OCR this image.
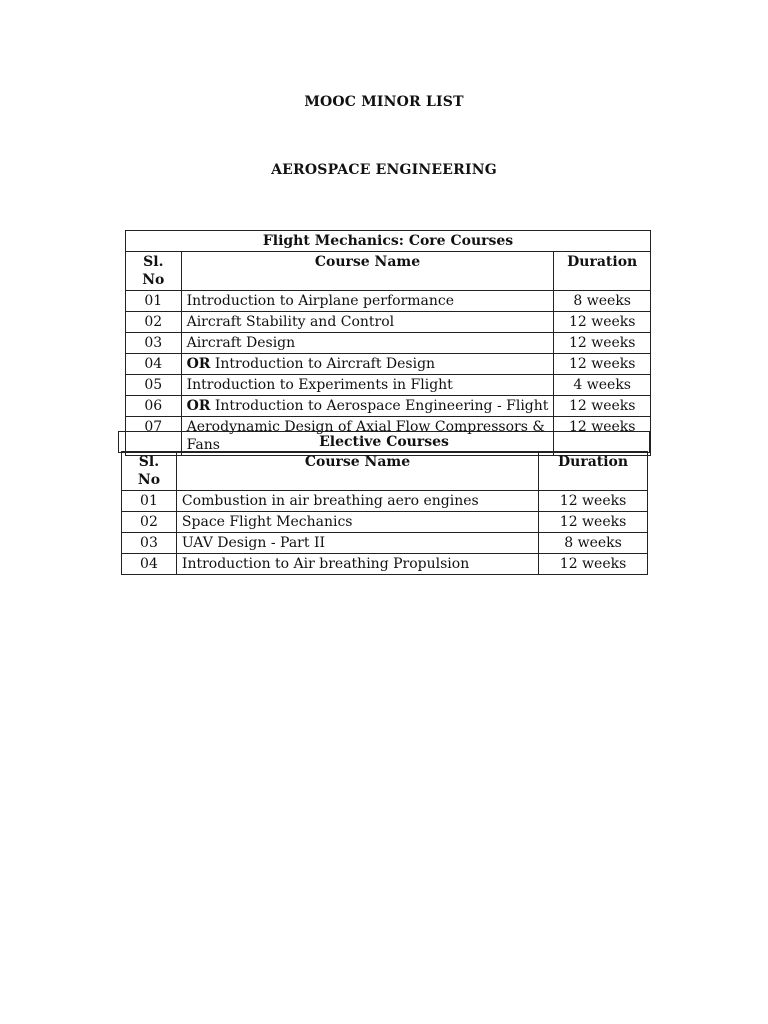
MOOC MINOR LIST
AEROSPACE ENGINEERING
Flight Mechanics: Core Courses		
Sl. No	Course Name	Duration
01	Introduction to Airplane performance	8 weeks
02	Aircraft Stability and Control	12 weeks
03	Aircraft Design	12 weeks
04	OR Introduction to Aircraft Design	12 weeks
05	Introduction to Experiments in Flight	4 weeks
06	OR Introduction to Aerospace Engineering - Flight	12 weeks
07	Aerodynamic Design of Axial Flow Compressors & Fans	12 weeks
Elective Courses
Sl. No	Course Name	Duration
01	Combustion in air breathing aero engines	12 weeks
02	Space Flight Mechanics	12 weeks
03	UAV Design - Part II	8 weeks
04	Introduction to Air breathing Propulsion	12 weeks
